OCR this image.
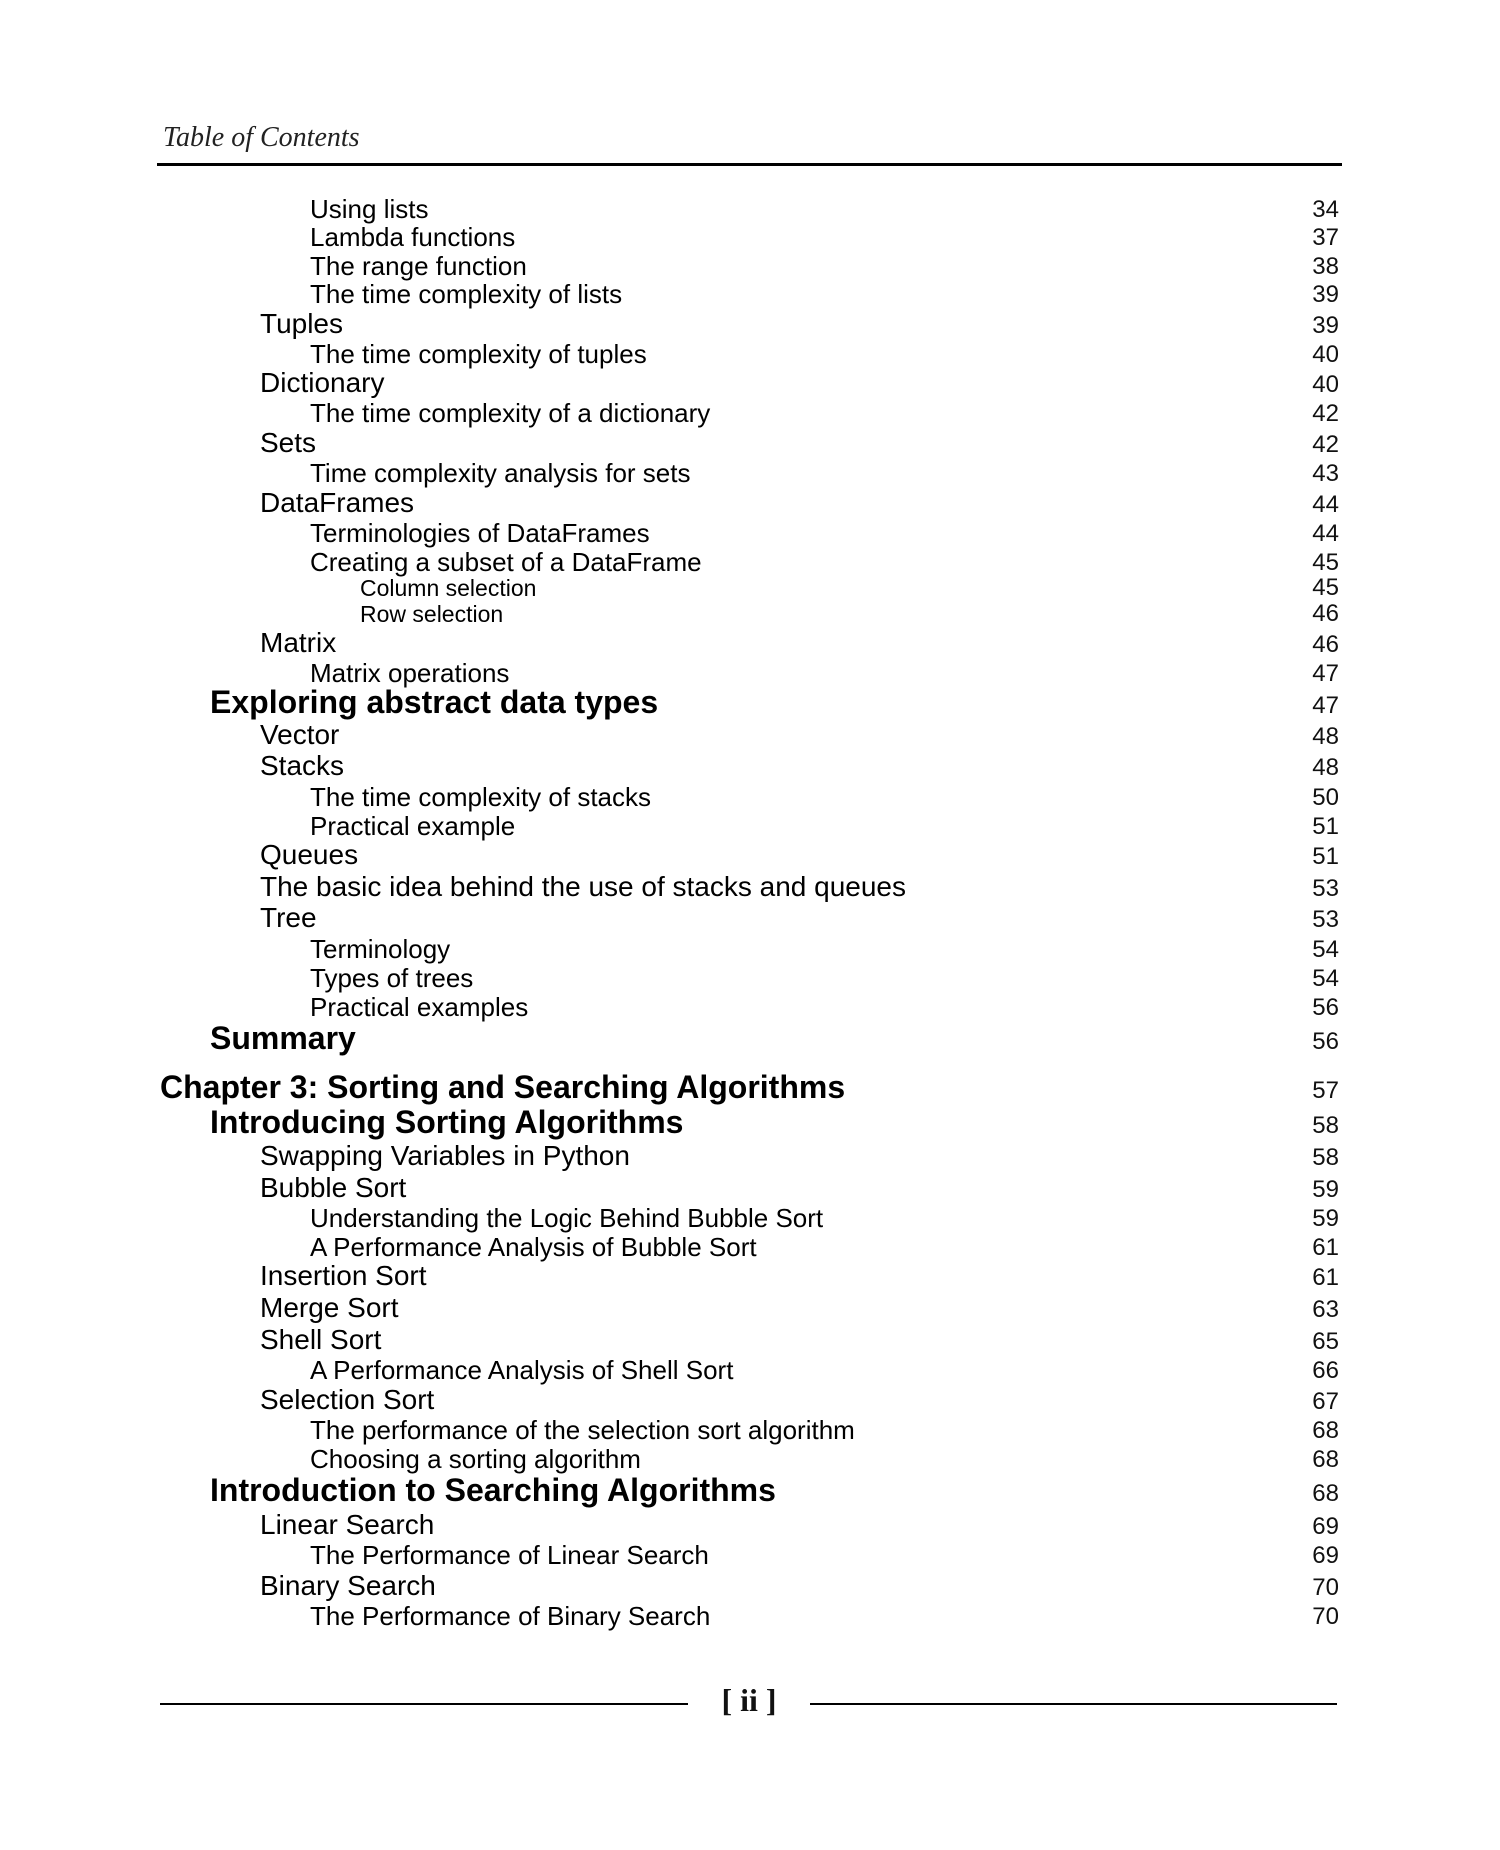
Table of Contents
Using lists	34
Lambda functions	37
The range function	38
The time complexity of lists	39
Tuples	39
The time complexity of tuples	40
Dictionary	40
The time complexity of a dictionary	42
Sets	42
Time complexity analysis for sets	43
DataFrames	44
Terminologies of DataFrames	44
Creating a subset of a DataFrame	45
Column selection	45
Row selection	46
Matrix	46
Matrix operations	47
Exploring abstract data types	47
Vector	48
Stacks	48
The time complexity of stacks	50
Practical example	51
Queues	51
The basic idea behind the use of stacks and queues	53
Tree	53
Terminology	54
Types of trees	54
Practical examples	56
Summary	56
Chapter 3: Sorting and Searching Algorithms	57
Introducing Sorting Algorithms	58
Swapping Variables in Python	58
Bubble Sort	59
Understanding the Logic Behind Bubble Sort	59
A Performance Analysis of Bubble Sort	61
Insertion Sort	61
Merge Sort	63
Shell Sort	65
A Performance Analysis of Shell Sort	66
Selection Sort	67
The performance of the selection sort algorithm	68
Choosing a sorting algorithm	68
Introduction to Searching Algorithms	68
Linear Search	69
The Performance of Linear Search	69
Binary Search	70
The Performance of Binary Search	70
[ ii ]
